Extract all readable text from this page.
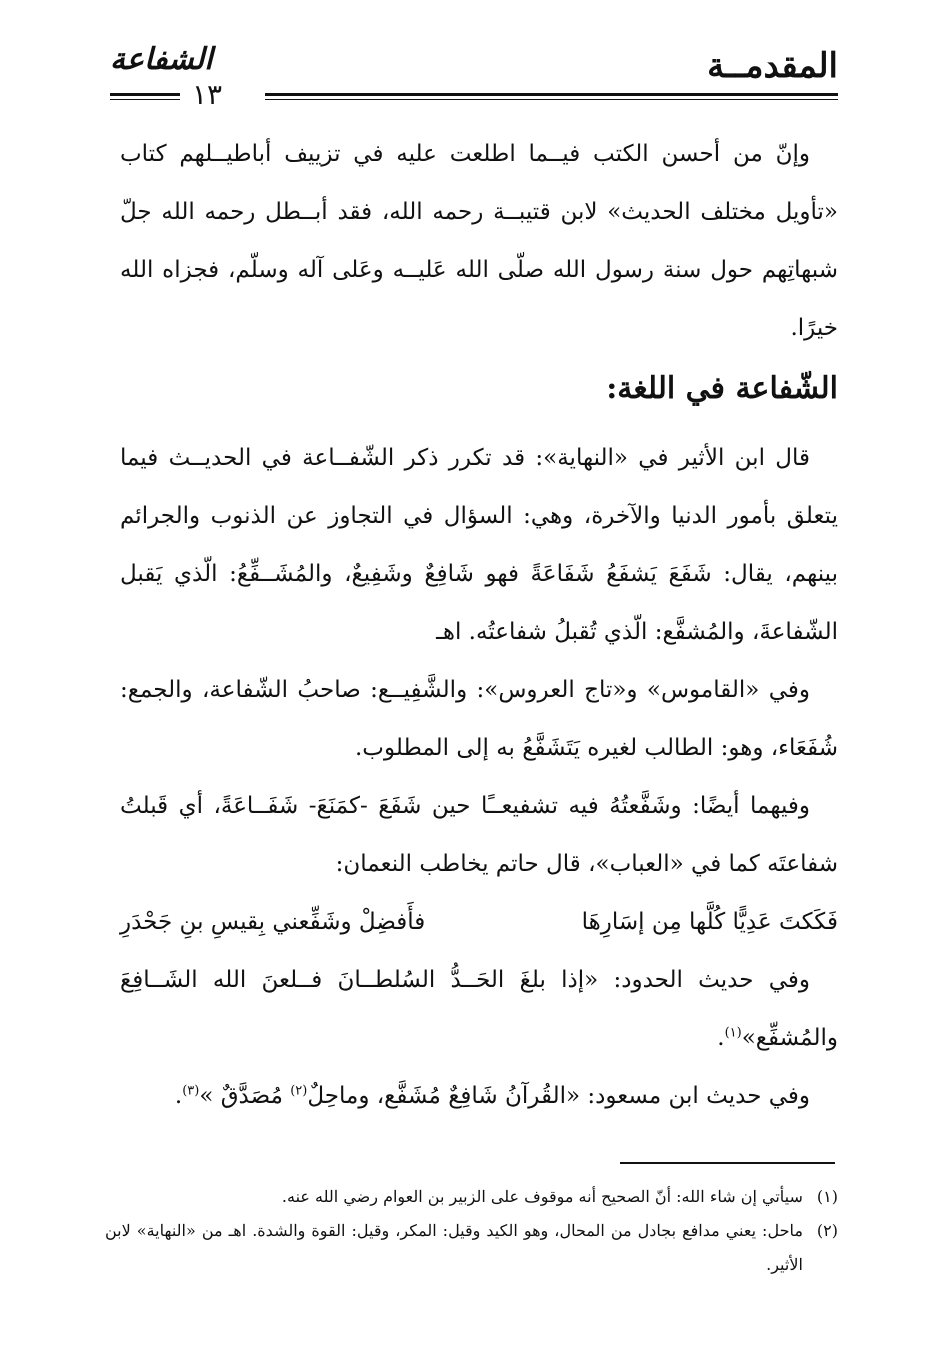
المقدمــة
الشفاعة
١٣

وإنّ من أحسن الكتب فيــما اطلعت عليه في تزييف أباطيــلهم كتاب «تأويل مختلف الحديث» لابن قتيبــة رحمه الله، فقد أبــطل رحمه الله جلّ شبهاتِهم حول سنة رسول الله صلّى الله عَليــه وعَلى آله وسلّم، فجزاه الله خيرًا.

الشّفاعة في اللغة:

قال ابن الأثير في «النهاية»: قد تكرر ذكر الشّفــاعة في الحديــث فيما يتعلق بأمور الدنيا والآخرة، وهي: السؤال في التجاوز عن الذنوب والجرائم بينهم، يقال: شَفَعَ يَشفَعُ شَفَاعَةً فهو شَافِعٌ وشَفِيعٌ، والمُشَــفِّعُ: الّذي يَقبل الشّفاعةَ، والمُشفَّع: الّذي تُقبلُ شفاعتُه. اهـ

وفي «القاموس» و«تاج العروس»: والشَّفِيــع: صاحبُ الشّفاعة، والجمع: شُفَعَاء، وهو: الطالب لغيره يَتَشَفَّعُ به إلى المطلوب.

وفيهما أيضًا: وشَفَّعتُهُ فيه تشفيعــًا حين شَفَعَ -كمَنَعَ- شَفَــاعَةً، أي قَبلتُ شفاعتَه كما في «العباب»، قال حاتم يخاطب النعمان:

فَكَكتَ عَدِيًّا كُلَّها مِن إسَارِهَا
فأَفضِلْ وشَفِّعني بِقيسِ بنِ جَحْدَرِ

وفي حديث الحدود: «إذا بلغَ الحَــدُّ السُلطــانَ فــلعنَ الله الشَــافِعَ والمُشفِّع»$^{(١)}$.

وفي حديث ابن مسعود: «القُرآنُ شَافِعٌ مُشَفَّع، وماحِلٌ$^{(٢)}$ مُصَدَّقٌ »$^{(٣)}$.

(١)
سيأتي إن شاء الله: أنّ الصحيح أنه موقوف على الزبير بن العوام رضي الله عنه.
(٢)
ماحل: يعني مدافع بجادل من المحال، وهو الكيد وقيل: المكر، وقيل: القوة والشدة. اهـ من «النهاية» لابن الأثير.
